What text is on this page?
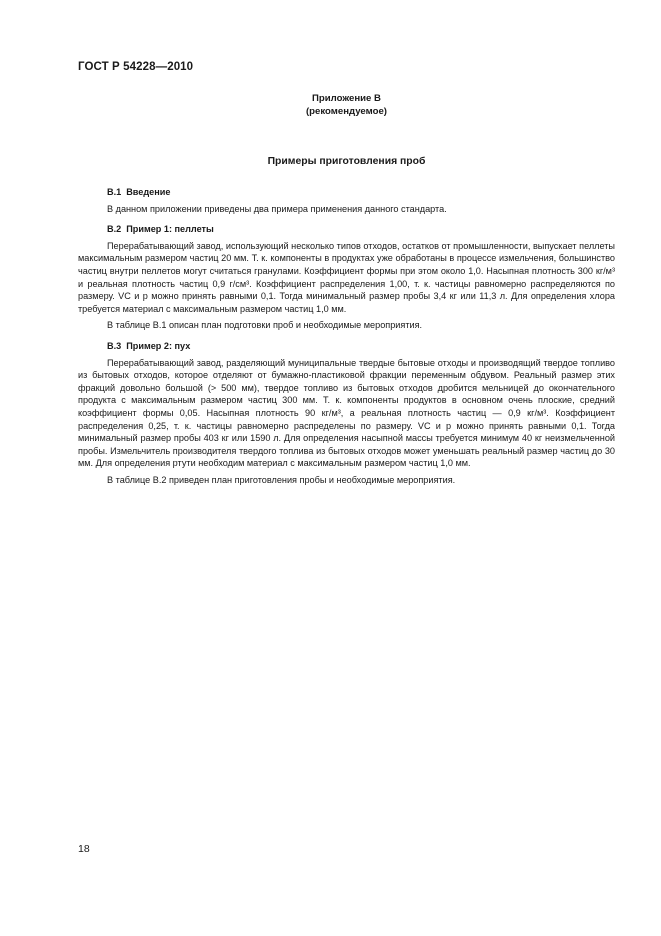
ГОСТ Р 54228—2010
Приложение В
(рекомендуемое)
Примеры приготовления проб
В.1 Введение

В данном приложении приведены два примера применения данного стандарта.

В.2 Пример 1: пеллеты

Перерабатывающий завод, использующий несколько типов отходов, остатков от промышленности, выпускает пеллеты максимальным размером частиц 20 мм. Т. к. компоненты в продуктах уже обработаны в процессе измельчения, большинство частиц внутри пеллетов могут считаться гранулами. Коэффициент формы при этом около 1,0. Насыпная плотность 300 кг/м³ и реальная плотность частиц 0,9 г/см³. Коэффициент распределения 1,00, т. к. частицы равномерно распределяются по размеру. VC и p можно принять равными 0,1. Тогда минимальный размер пробы 3,4 кг или 11,3 л. Для определения хлора требуется материал с максимальным размером частиц 1,0 мм.

В таблице В.1 описан план подготовки проб и необходимые мероприятия.

В.3 Пример 2: пух

Перерабатывающий завод, разделяющий муниципальные твердые бытовые отходы и производящий твердое топливо из бытовых отходов, которое отделяют от бумажно-пластиковой фракции переменным обдувом. Реальный размер этих фракций довольно большой (> 500 мм), твердое топливо из бытовых отходов дробится мельницей до окончательного продукта с максимальным размером частиц 300 мм. Т. к. компоненты продуктов в основном очень плоские, средний коэффициент формы 0,05. Насыпная плотность 90 кг/м³, а реальная плотность частиц — 0,9 кг/м³. Коэффициент распределения 0,25, т. к. частицы равномерно распределены по размеру. VC и p можно принять равными 0,1. Тогда минимальный размер пробы 403 кг или 1590 л. Для определения насыпной массы требуется минимум 40 кг неизмельченной пробы. Измельчитель производителя твердого топлива из бытовых отходов может уменьшать реальный размер частиц до 30 мм. Для определения ртути необходим материал с максимальным размером частиц 1,0 мм.

В таблице В.2 приведен план приготовления пробы и необходимые мероприятия.

18
